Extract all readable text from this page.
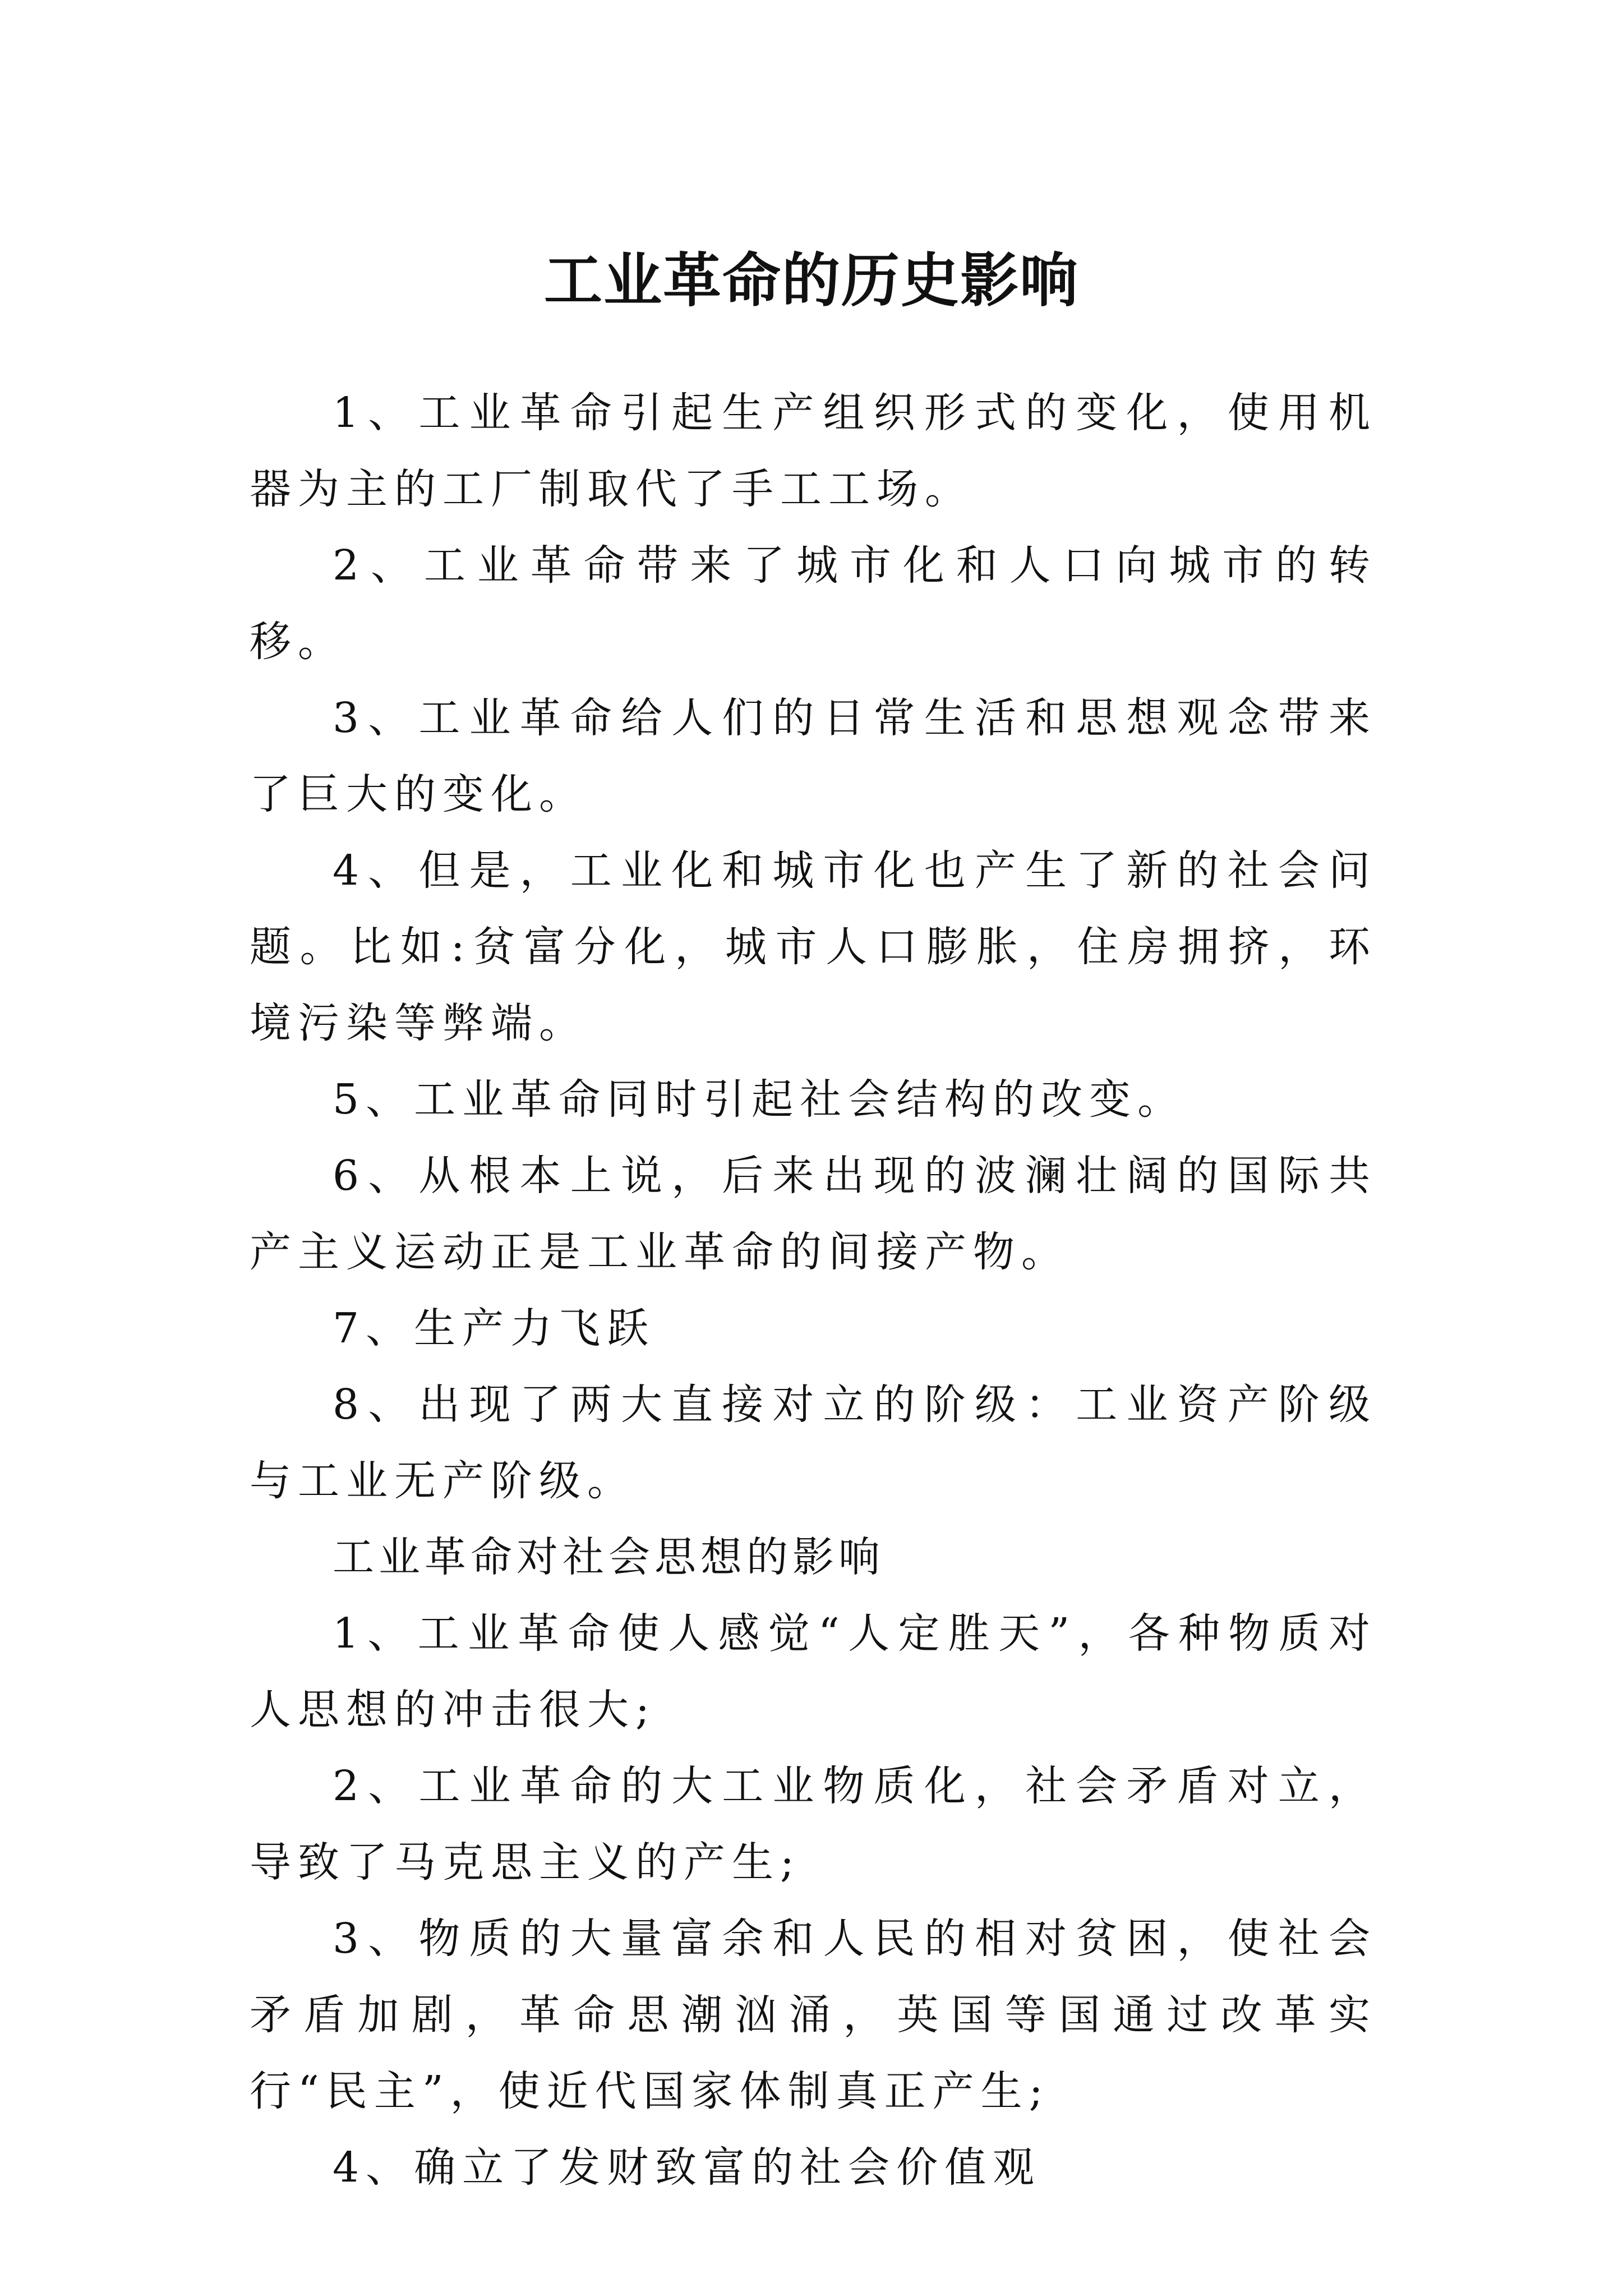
工业革命的历史影响

1、工业革命引起生产组织形式的变化，使用机器为主的工厂制取代了手工工场。

2、工业革命带来了城市化和人口向城市的转移。

3、工业革命给人们的日常生活和思想观念带来了巨大的变化。

4、但是，工业化和城市化也产生了新的社会问题。比如:贫富分化，城市人口膨胀，住房拥挤，环境污染等弊端。

5、工业革命同时引起社会结构的改变。

6、从根本上说，后来出现的波澜壮阔的国际共产主义运动正是工业革命的间接产物。

7、生产力飞跃

8、出现了两大直接对立的阶级：工业资产阶级与工业无产阶级。

工业革命对社会思想的影响

1、工业革命使人感觉“人定胜天”，各种物质对人思想的冲击很大;

2、工业革命的大工业物质化，社会矛盾对立，导致了马克思主义的产生;

3、物质的大量富余和人民的相对贫困，使社会矛盾加剧，革命思潮汹涌，英国等国通过改革实行“民主”，使近代国家体制真正产生;

4、确立了发财致富的社会价值观
